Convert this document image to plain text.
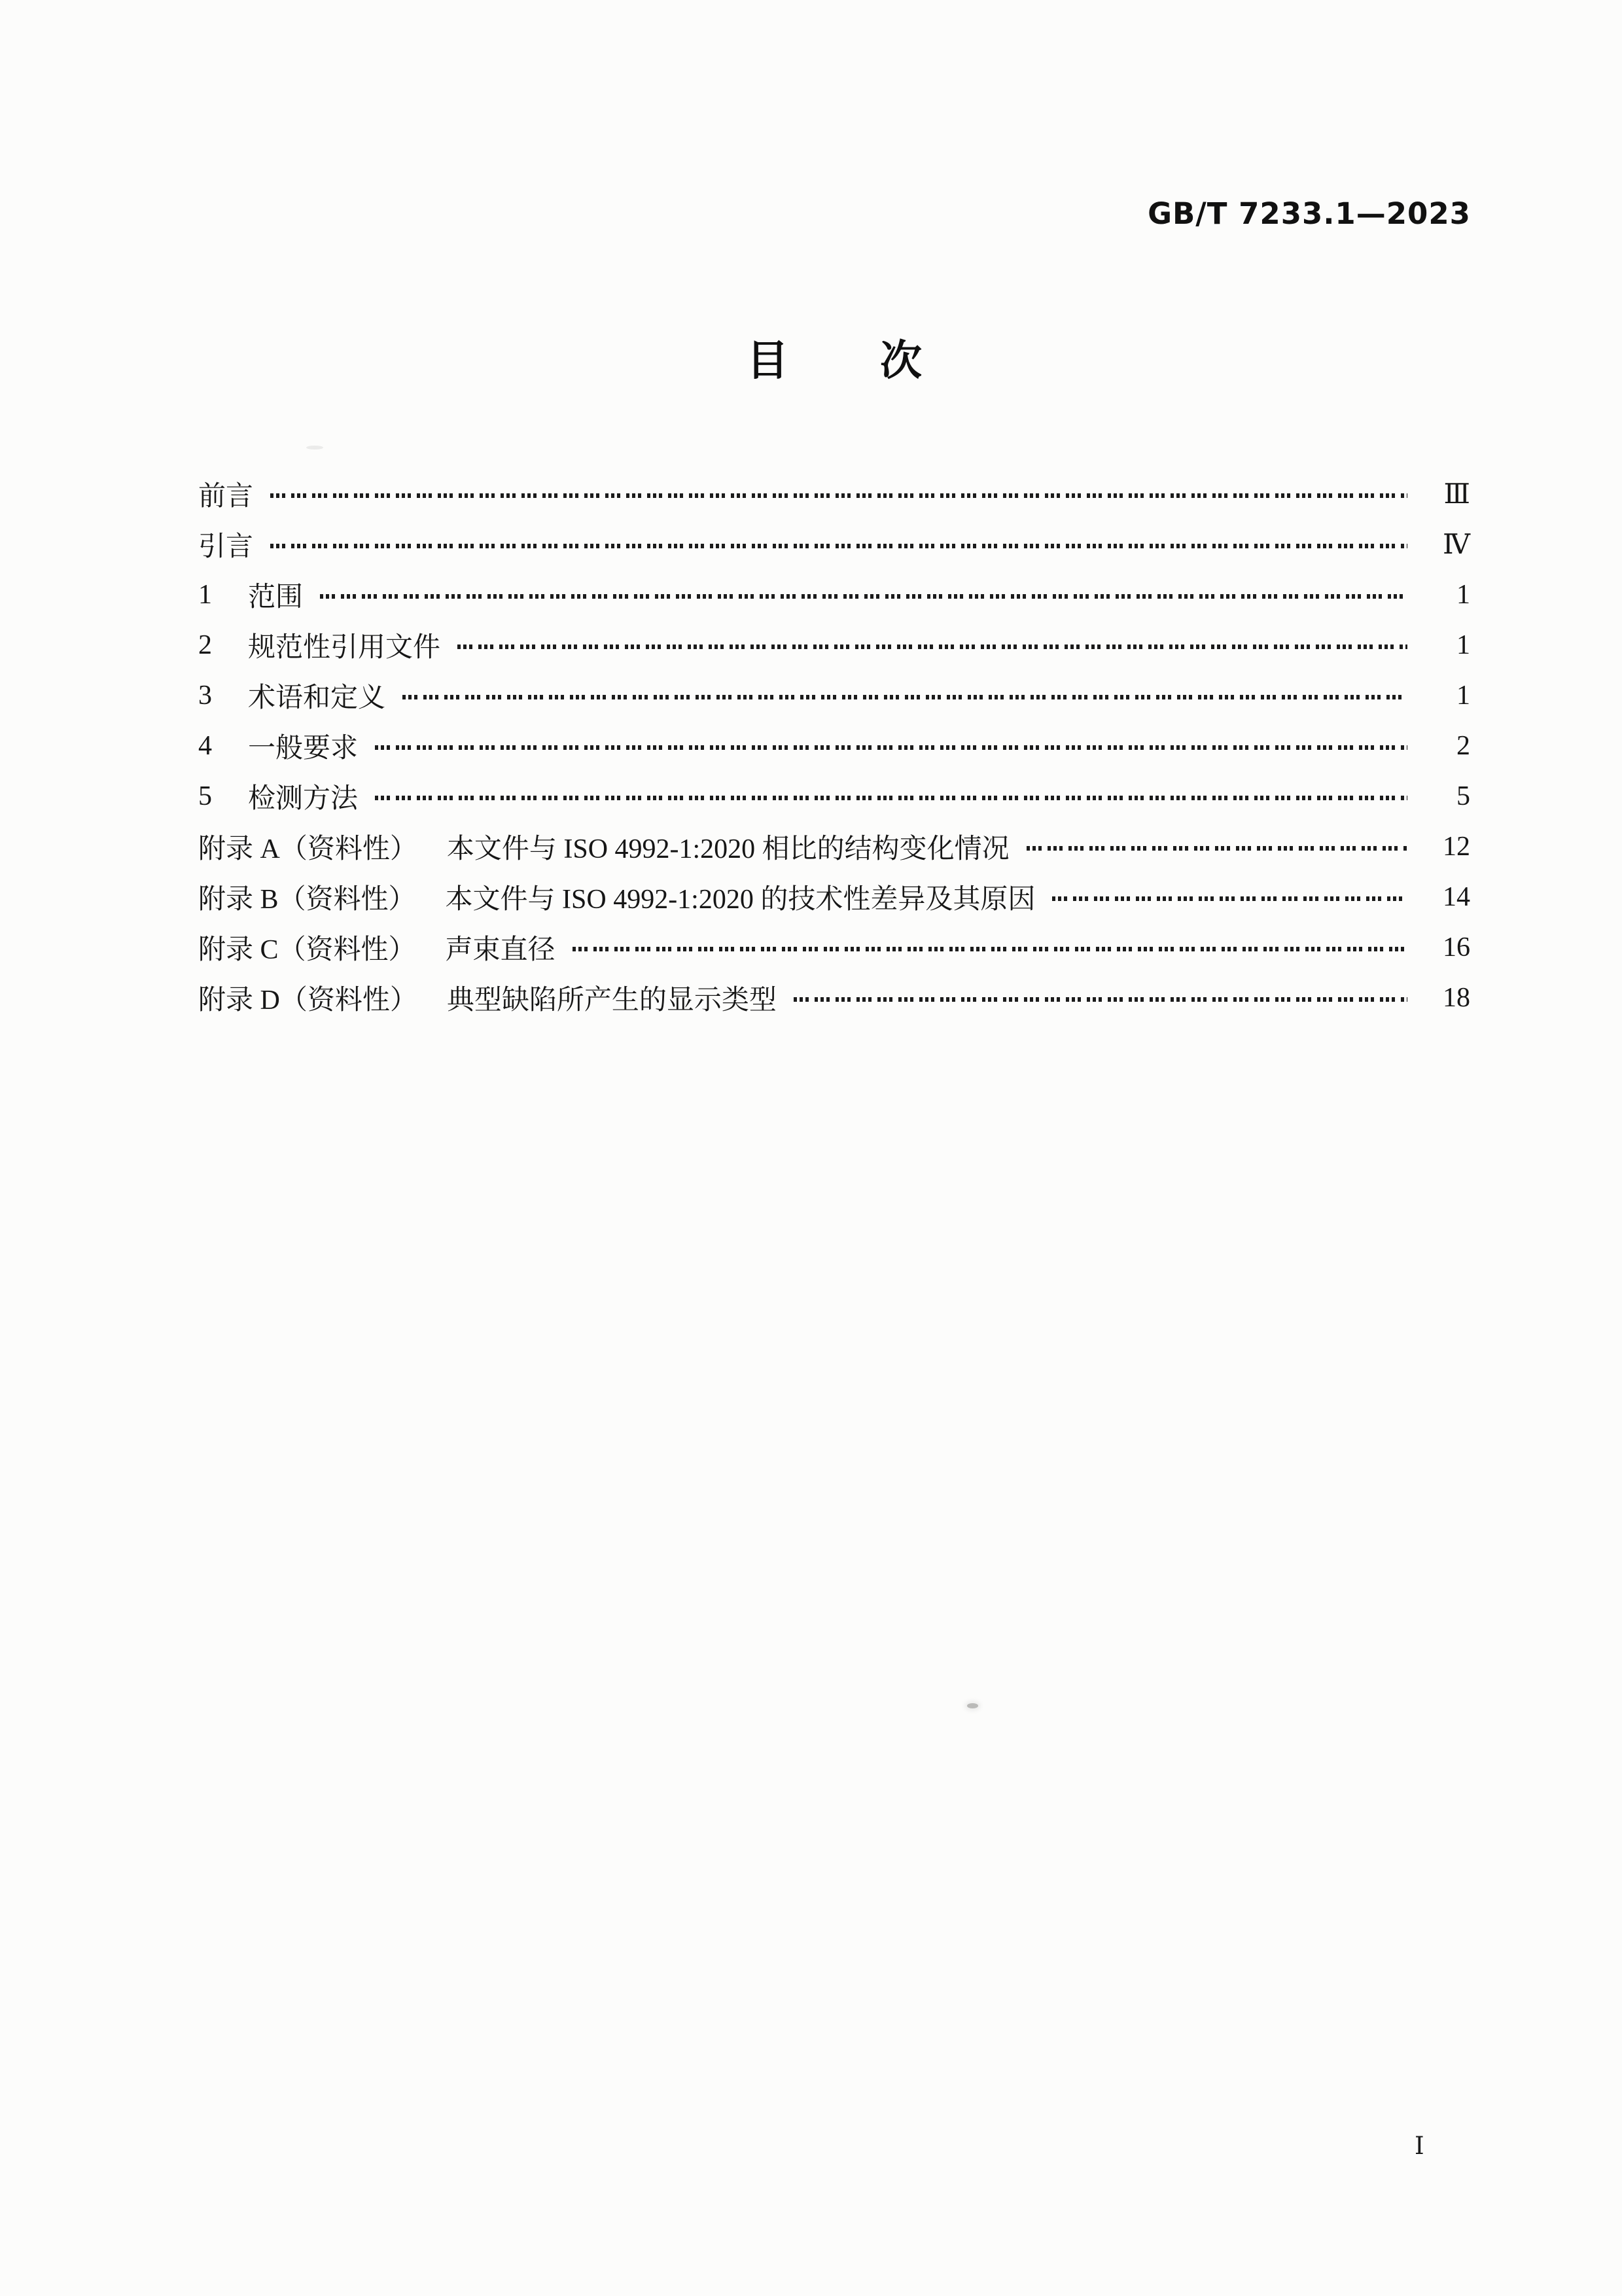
GB/T 7233.1—2023
目 次
前言	Ⅲ
引言	Ⅳ
1	范围	1
2	规范性引用文件	1
3	术语和定义	1
4	一般要求	2
5	检测方法	5
附录 A（资料性） 本文件与 ISO 4992-1:2020 相比的结构变化情况	12
附录 B（资料性） 本文件与 ISO 4992-1:2020 的技术性差异及其原因	14
附录 C（资料性） 声束直径	16
附录 D（资料性） 典型缺陷所产生的显示类型	18
Ⅰ
